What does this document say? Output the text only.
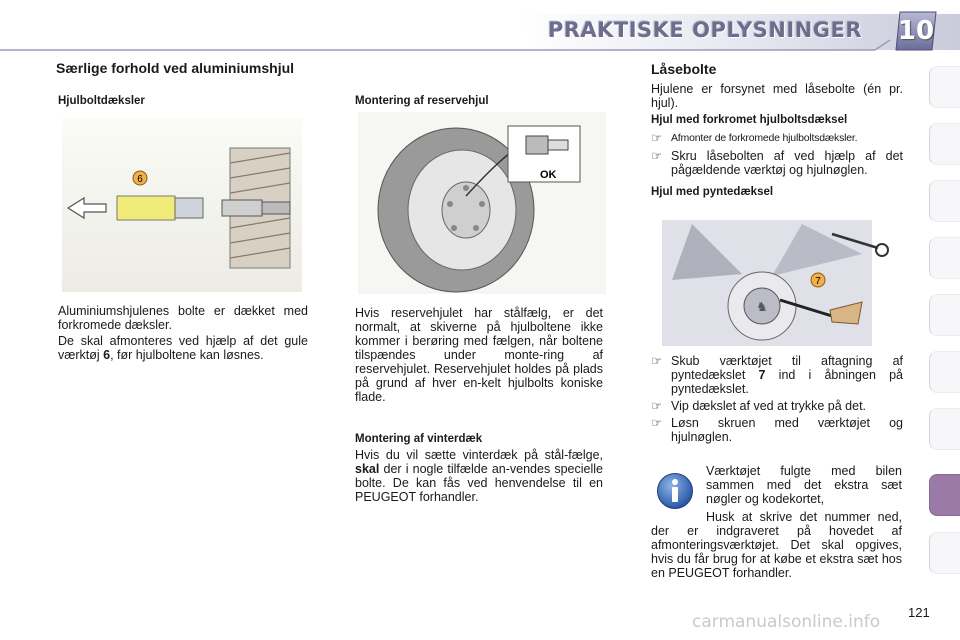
PRAKTISKE OPLYSNINGER 10
Særlige forhold ved aluminiumshjul
Hjulboltdæksler
6

Aluminiumshjulenes bolte er dækket med forkromede dæksler.

De skal afmonteres ved hjælp af det gule værktøj 6, før hjulboltene kan løsnes.

Montering af reservehjul
OK

Hvis reservehjulet har stålfælg, er det normalt, at skiverne på hjulboltene ikke kommer i berøring med fælgen, når boltene tilspændes under monte-ring af reservehjulet. Reservehjulet holdes på plads på grund af hver en-kelt hjulbolts koniske flade.

Montering af vinterdæk

Hvis du vil sætte vinterdæk på stål-fælge, skal der i nogle tilfælde an-vendes specielle bolte. De kan fås ved henvendelse til en PEUGEOT forhandler.

Låsebolte

Hjulene er forsynet med låsebolte (én pr. hjul).

Hjul med forkromet hjulboltsdæksel
☞ Afmonter de forkromede hjulboltsdæksler.
☞ Skru låsebolten af ved hjælp af det pågældende værktøj og hjulnøglen.
Hjul med pyntedæksel
♞
7
☞ Skub værktøjet til aftagning af pyntedækslet 7 ind i åbningen på pyntedækslet.
☞ Vip dækslet af ved at trykke på det.
☞ Løsn skruen med værktøjet og hjulnøglen.

Værktøjet fulgte med bilen sammen med det ekstra sæt nøgler og kodekortet,

Husk at skrive det nummer ned, der er indgraveret på hovedet af afmonteringsværktøjet. Det skal opgives, hvis du får brug for at købe et ekstra sæt hos en PEUGEOT forhandler.

121
carmanualsonline.info
